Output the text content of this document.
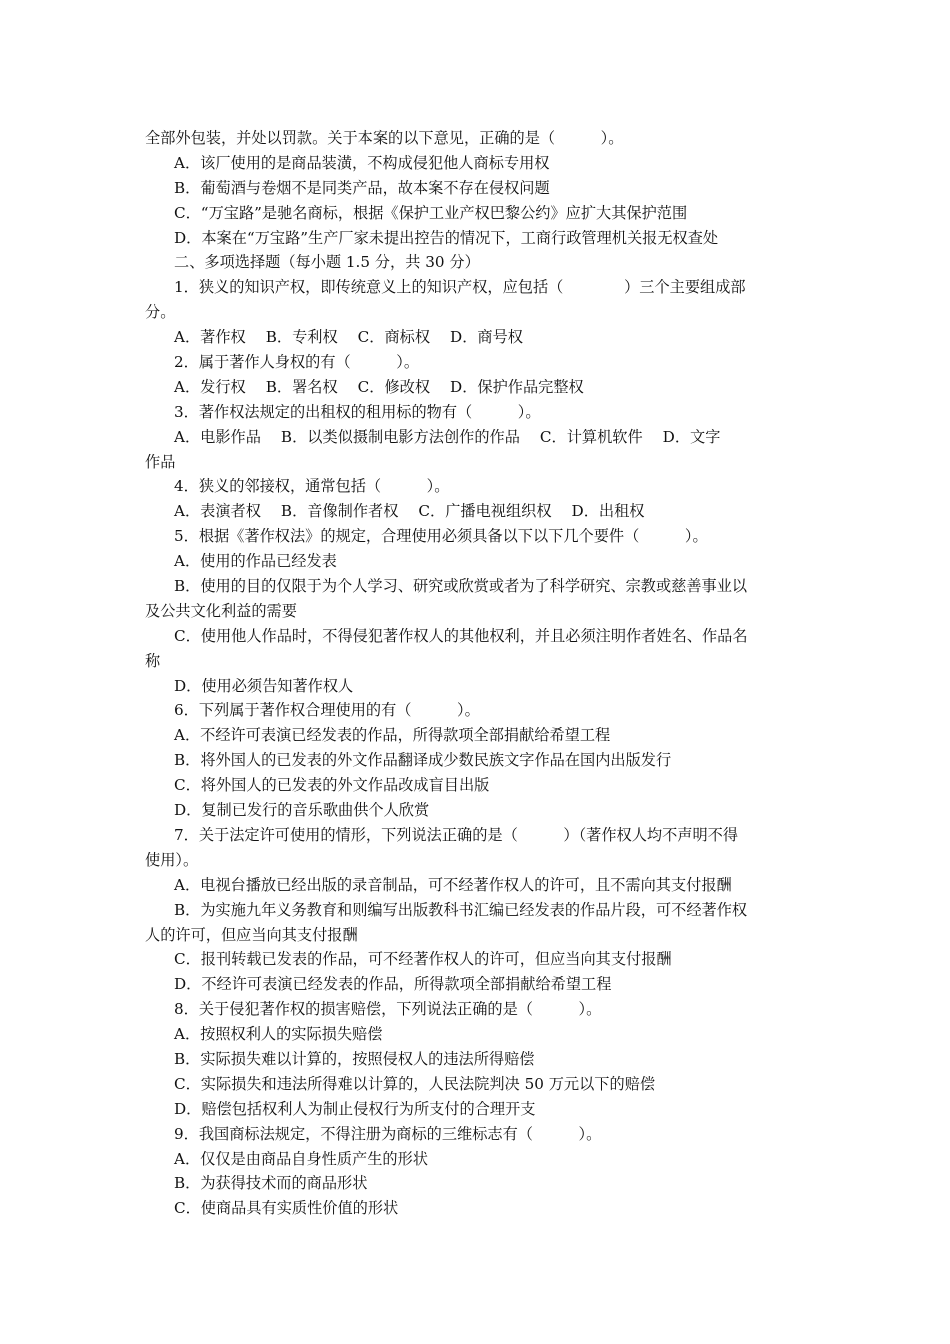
全部外包装，并处以罚款。关于本案的以下意见，正确的是（　　　）。
A．该厂使用的是商品装潢，不构成侵犯他人商标专用权
B．葡萄酒与卷烟不是同类产品，故本案不存在侵权问题
C．“万宝路”是驰名商标，根据《保护工业产权巴黎公约》应扩大其保护范围
D．本案在“万宝路”生产厂家未提出控告的情况下，工商行政管理机关报无权查处
二、多项选择题（每小题 1.5 分，共 30 分）
1．狭义的知识产权，即传统意义上的知识产权，应包括（　　　　）三个主要组成部
分。
A．著作权　 B．专利权　 C．商标权　 D．商号权
2．属于著作人身权的有（　　　）。
A．发行权　 B．署名权　 C．修改权　 D．保护作品完整权
3．著作权法规定的出租权的租用标的物有（　　　）。
A．电影作品　 B．以类似摄制电影方法创作的作品　 C．计算机软件　 D．文字
作品
4．狭义的邻接权，通常包括（　　　）。
A．表演者权　 B．音像制作者权　 C．广播电视组织权　 D．出租权
5．根据《著作权法》的规定，合理使用必须具备以下以下几个要件（　　　）。
A．使用的作品已经发表
B．使用的目的仅限于为个人学习、研究或欣赏或者为了科学研究、宗教或慈善事业以
及公共文化利益的需要
C．使用他人作品时，不得侵犯著作权人的其他权利，并且必须注明作者姓名、作品名
称
D．使用必须告知著作权人
6．下列属于著作权合理使用的有（　　　）。
A．不经许可表演已经发表的作品，所得款项全部捐献给希望工程
B．将外国人的已发表的外文作品翻译成少数民族文字作品在国内出版发行
C．将外国人的已发表的外文作品改成盲目出版
D．复制已发行的音乐歌曲供个人欣赏
7．关于法定许可使用的情形，下列说法正确的是（　　　）（著作权人均不声明不得
使用）。
A．电视台播放已经出版的录音制品，可不经著作权人的许可，且不需向其支付报酬
B．为实施九年义务教育和则编写出版教科书汇编已经发表的作品片段，可不经著作权
人的许可，但应当向其支付报酬
C．报刊转载已发表的作品，可不经著作权人的许可，但应当向其支付报酬
D．不经许可表演已经发表的作品，所得款项全部捐献给希望工程
8．关于侵犯著作权的损害赔偿，下列说法正确的是（　　　）。
A．按照权利人的实际损失赔偿
B．实际损失难以计算的，按照侵权人的违法所得赔偿
C．实际损失和违法所得难以计算的，人民法院判决 50 万元以下的赔偿
D．赔偿包括权利人为制止侵权行为所支付的合理开支
9．我国商标法规定，不得注册为商标的三维标志有（　　　）。
A．仅仅是由商品自身性质产生的形状
B．为获得技术而的商品形状
C．使商品具有实质性价值的形状
